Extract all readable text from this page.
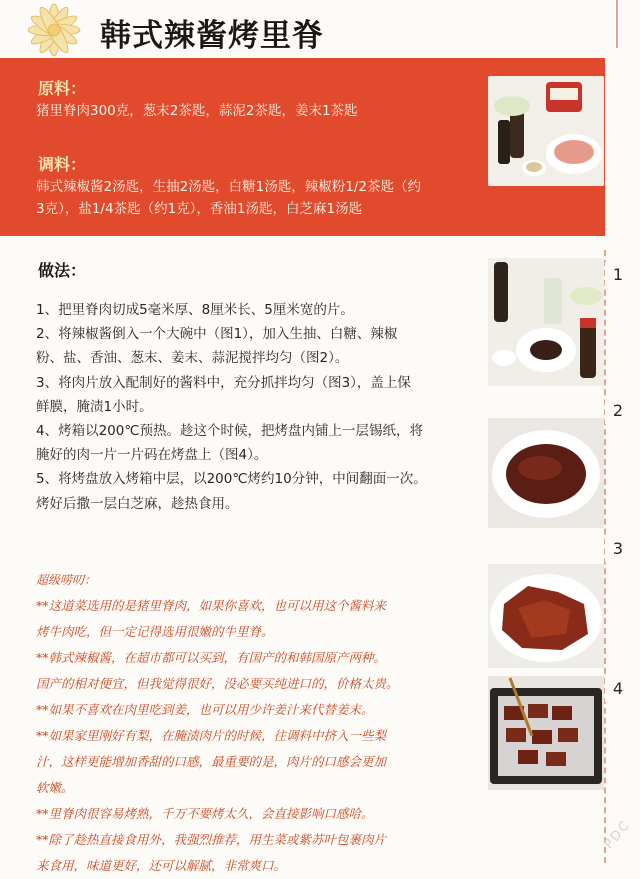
韩式辣酱烤里脊
原料：
猪里脊肉300克，葱末2茶匙，蒜泥2茶匙，姜末1茶匙
调料：
韩式辣椒酱2汤匙，生抽2汤匙，白糖1汤匙，辣椒粉1/2茶匙（约
3克），盐1/4茶匙（约1克），香油1汤匙，白芝麻1汤匙
做法：

1、把里脊肉切成5毫米厚、8厘米长、5厘米宽的片。

2、将辣椒酱倒入一个大碗中（图1），加入生抽、白糖、辣椒

粉、盐、香油、葱末、姜末、蒜泥搅拌均匀（图2）。

3、将肉片放入配制好的酱料中，充分抓拌均匀（图3），盖上保

鲜膜，腌渍1小时。

4、烤箱以200℃预热。趁这个时候，把烤盘内铺上一层锡纸，将

腌好的肉一片一片码在烤盘上（图4）。

5、将烤盘放入烤箱中层，以200℃烤约10分钟，中间翻面一次。

烤好后撒一层白芝麻，趁热食用。

超级唠叨：

**这道菜选用的是猪里脊肉，如果你喜欢，也可以用这个酱料来

烤牛肉吃，但一定记得选用很嫩的牛里脊。

**韩式辣椒酱，在超市都可以买到，有国产的和韩国原产两种。

国产的相对便宜，但我觉得很好，没必要买纯进口的，价格太贵。

**如果不喜欢在肉里吃到姜，也可以用少许姜汁来代替姜末。

**如果家里刚好有梨，在腌渍肉片的时候，往调料中挤入一些梨

汁，这样更能增加香甜的口感，最重要的是，肉片的口感会更加

软嫩。

**里脊肉很容易烤熟，千万不要烤太久，会直接影响口感哈。

**除了趁热直接食用外，我强烈推荐，用生菜或紫苏叶包裹肉片

来食用，味道更好，还可以解腻，非常爽口。

1
2
3
4
PDC
